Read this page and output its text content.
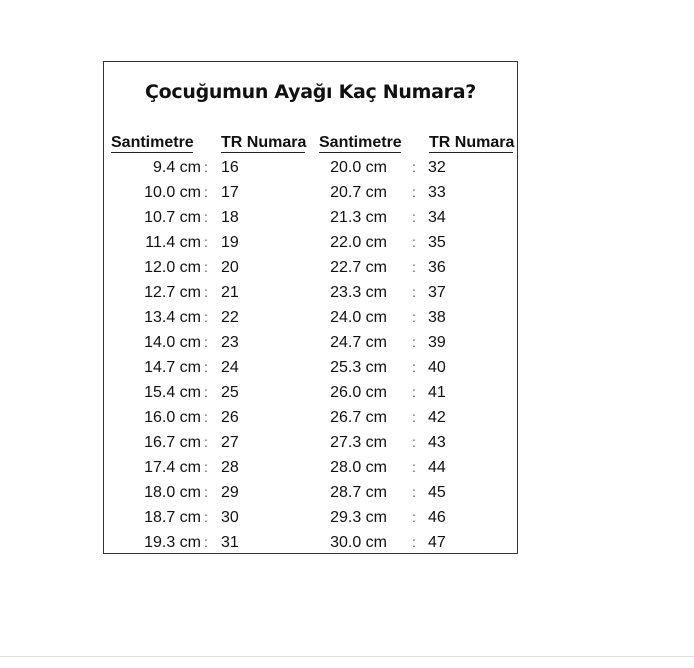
Çocuğumun Ayağı Kaç Numara?
Santimetre TR Numara Santimetre TR Numara
9.4 cm : 16	20.0 cm : 32
10.0 cm : 17	20.7 cm : 33
10.7 cm : 18	21.3 cm : 34
11.4 cm : 19	22.0 cm : 35
12.0 cm : 20	22.7 cm : 36
12.7 cm : 21	23.3 cm : 37
13.4 cm : 22	24.0 cm : 38
14.0 cm : 23	24.7 cm : 39
14.7 cm : 24	25.3 cm : 40
15.4 cm : 25	26.0 cm : 41
16.0 cm : 26	26.7 cm : 42
16.7 cm : 27	27.3 cm : 43
17.4 cm : 28	28.0 cm : 44
18.0 cm : 29	28.7 cm : 45
18.7 cm : 30	29.3 cm : 46
19.3 cm : 31	30.0 cm : 47
